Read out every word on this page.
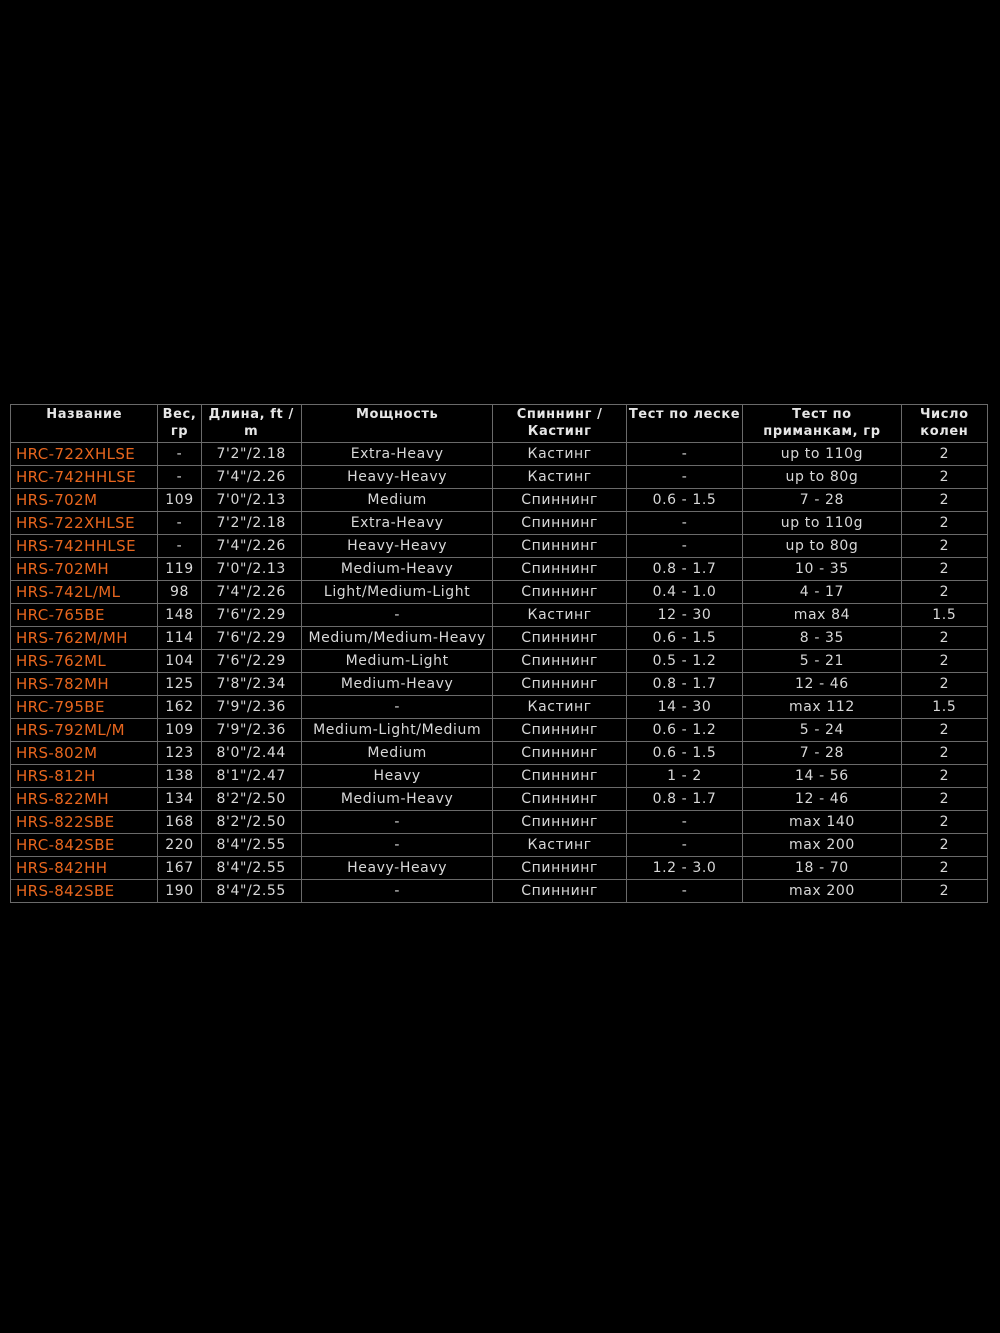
Название	Вес, гр	Длина, ft / m	Мощность	Спиннинг / Кастинг	Тест по леске	Тест по приманкам, гр	Число колен
HRC-722XHLSE	-	7'2"/2.18	Extra-Heavy	Кастинг	-	up to 110g	2
HRC-742HHLSE	-	7'4"/2.26	Heavy-Heavy	Кастинг	-	up to 80g	2
HRS-702M	109	7'0"/2.13	Medium	Спиннинг	0.6 - 1.5	7 - 28	2
HRS-722XHLSE	-	7'2"/2.18	Extra-Heavy	Спиннинг	-	up to 110g	2
HRS-742HHLSE	-	7'4"/2.26	Heavy-Heavy	Спиннинг	-	up to 80g	2
HRS-702MH	119	7'0"/2.13	Medium-Heavy	Спиннинг	0.8 - 1.7	10 - 35	2
HRS-742L/ML	98	7'4"/2.26	Light/Medium-Light	Спиннинг	0.4 - 1.0	4 - 17	2
HRC-765BE	148	7'6"/2.29	-	Кастинг	12 - 30	max 84	1.5
HRS-762M/MH	114	7'6"/2.29	Medium/Medium-Heavy	Спиннинг	0.6 - 1.5	8 - 35	2
HRS-762ML	104	7'6"/2.29	Medium-Light	Спиннинг	0.5 - 1.2	5 - 21	2
HRS-782MH	125	7'8"/2.34	Medium-Heavy	Спиннинг	0.8 - 1.7	12 - 46	2
HRC-795BE	162	7'9"/2.36	-	Кастинг	14 - 30	max 112	1.5
HRS-792ML/M	109	7'9"/2.36	Medium-Light/Medium	Спиннинг	0.6 - 1.2	5 - 24	2
HRS-802M	123	8'0"/2.44	Medium	Спиннинг	0.6 - 1.5	7 - 28	2
HRS-812H	138	8'1"/2.47	Heavy	Спиннинг	1 - 2	14 - 56	2
HRS-822MH	134	8'2"/2.50	Medium-Heavy	Спиннинг	0.8 - 1.7	12 - 46	2
HRS-822SBE	168	8'2"/2.50	-	Спиннинг	-	max 140	2
HRC-842SBE	220	8'4"/2.55	-	Кастинг	-	max 200	2
HRS-842HH	167	8'4"/2.55	Heavy-Heavy	Спиннинг	1.2 - 3.0	18 - 70	2
HRS-842SBE	190	8'4"/2.55	-	Спиннинг	-	max 200	2
